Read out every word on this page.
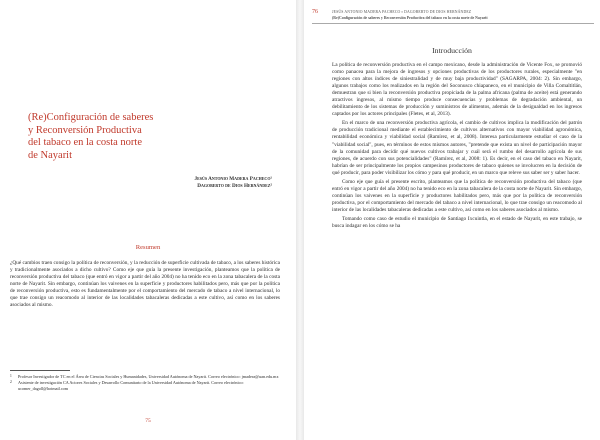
(Re)Configuración de saberes
y Reconversión Productiva
del tabaco en la costa norte
de Nayarit
Jesús Antonio Madera Pacheco¹
Dagoberto de Dios Hernández²
Resumen

¿Qué cambios traen consigo la política de reconversión, y la reducción de superficie cultivada de tabaco, a los saberes histórica y tradicionalmente asociados a dicho cultivo? Como eje que guía la presente investigación, planteamos que la política de reconversión productiva del tabaco (que entró en vigor a partir del año 2004) no ha tenido eco en la zona tabacalera de la costa norte de Nayarit. Sin embargo, continúan los vaivenes en la superficie y productores habilitados pero, más que por la política de reconversión productiva, esto es fundamentalmente por el comportamiento del mercado de tabaco a nivel internacional, lo que trae consigo un reacomodo al interior de las localidades tabacaleras dedicadas a este cultivo, así como en los saberes asociados al mismo.

1 Profesor Investigador de TC en el Área de Ciencias Sociales y Humanidades, Universidad Autónoma de Nayarit. Correo electrónico: jmadera@uan.edu.mx
2 Asistente de investigación CA Actores Sociales y Desarrollo Comunitario de la Universidad Autónoma de Nayarit. Correo electrónico: ucomer_dagoll@hotmail.com
75
76	JESÚS ANTONIO MADERA PACHECO ▪ DAGOBERTO DE DIOS HERNÁNDEZ
(Re)Configuración de saberes y Reconversión Productiva del tabaco en la costa norte de Nayarit
Introducción

La política de reconversión productiva en el campo mexicano, desde la administración de Vicente Fox, se promovió como panacea para la mejora de ingresos y opciones productivas de los productores rurales, especialmente "en regiones con altos índices de siniestralidad y de muy baja productividad" (SAGARPA, 2004: 2). Sin embargo, algunos trabajos como los realizados en la región del Soconusco chiapaneco, en el municipio de Villa Comaltitlán, demuestran que si bien la reconversión productiva propiciada de la palma africana (palma de aceite) está generando atractivos ingresos, al mismo tiempo produce consecuencias y problemas de degradación ambiental, un debilitamiento de los sistemas de producción y suministros de alimentos, además de la desigualdad en los ingresos captados por los actores principales (Fletes, et al, 2013).

En el marco de una reconversión productiva agrícola, el cambio de cultivos implica la modificación del patrón de producción tradicional mediante el establecimiento de cultivos alternativos con mayor viabilidad agronómica, rentabilidad económica y viabilidad social (Ramírez, et al, 2008). Interesa particularmente estudiar el caso de la "viabilidad social", pues, en términos de estos mismos autores, "pretende que exista un nivel de participación mayor de la comunidad para decidir qué nuevos cultivos trabajar y cuál será el rumbo del desarrollo agrícola de sus regiones, de acuerdo con sus potencialidades" (Ramírez, et al, 2008: 1). Es decir, en el caso del tabaco en Nayarit, habrían de ser principalmente los propios campesinos productores de tabaco quienes se involucren en la decisión de qué producir, para poder visibilizar los cómo y para qué producir, en un marco que releve sus saber ser y saber hacer.

Como eje que guía el presente escrito, planteamos que la política de reconversión productiva del tabaco (que entró en vigor a partir del año 2004) no ha tenido eco en la zona tabacalera de la costa norte de Nayarit. Sin embargo, continúan los vaivenes en la superficie y productores habilitados pero, más que por la política de reconversión productiva, por el comportamiento del mercado del tabaco a nivel internacional, lo que trae consigo un reacomodo al interior de las localidades tabacaleras dedicadas a este cultivo, así como en los saberes asociados al mismo.

Tomando como caso de estudio el municipio de Santiago Ixcuintla, en el estado de Nayarit, en este trabajo, se busca indagar en los cómo se ha
